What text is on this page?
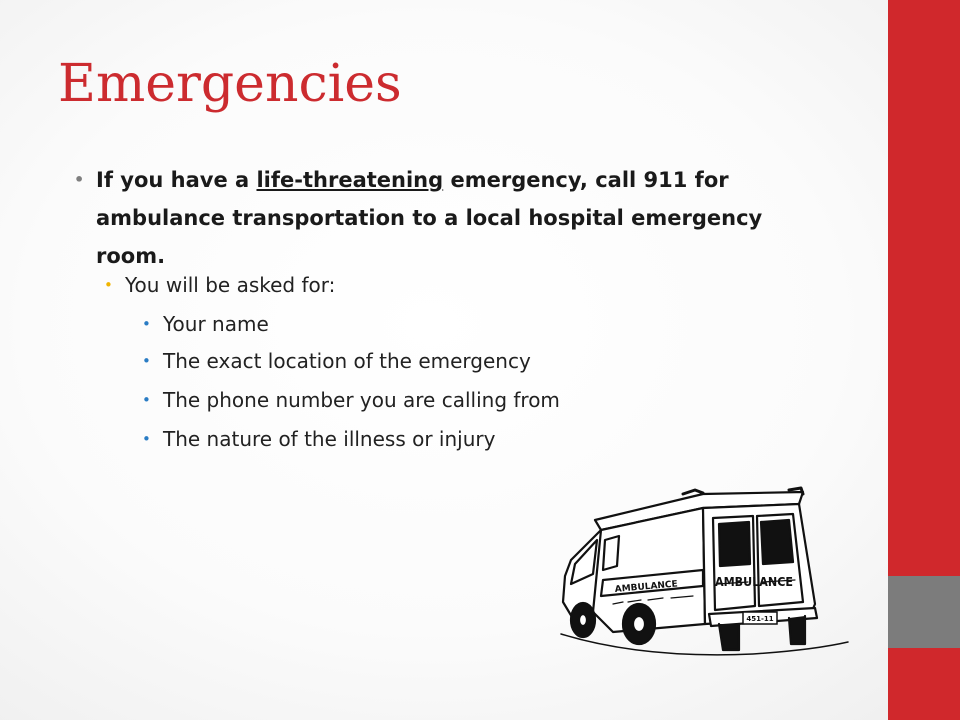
Emergencies
• If you have a life-threatening emergency, call 911 for ambulance transportation to a local hospital emergency room.
• You will be asked for:
• Your name
• The exact location of the emergency
• The phone number you are calling from
• The nature of the illness or injury
AMBULANCE	AMBULANCE
451-11
